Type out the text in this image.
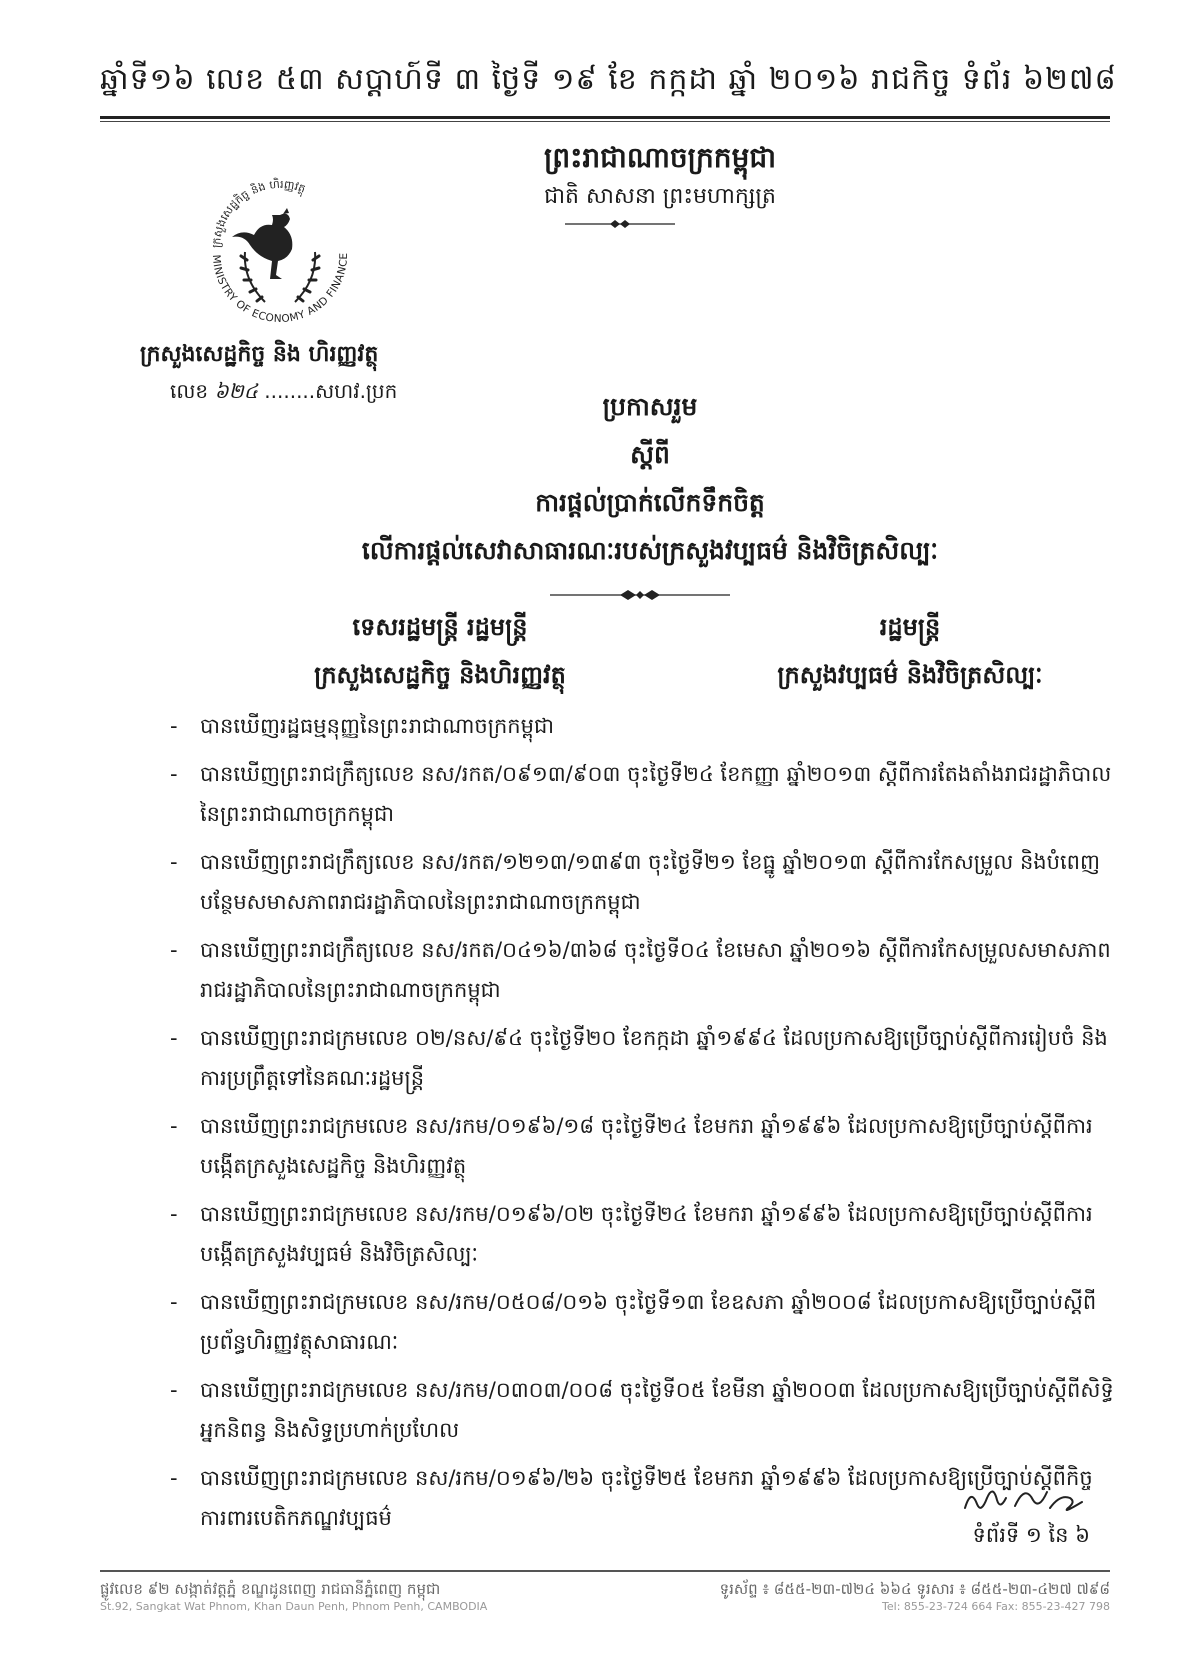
ឆ្នាំទី១៦ លេខ ៥៣ សប្តាហ៍ទី ៣ ថ្ងៃទី ១៩ ខែ កក្កដា ឆ្នាំ ២០១៦ រាជកិច្ច ទំព័រ ៦២៧៨
ព្រះរាជាណាចក្រកម្ពុជា
ជាតិ សាសនា ព្រះមហាក្សត្រ
MINISTRY OF ECONOMY AND FINANCE
ក្រសួងសេដ្ឋកិច្ច និង ហិរញ្ញវត្ថុ
ក្រសួងសេដ្ឋកិច្ច និង ហិរញ្ញវត្ថុ
លេខ ៦២៤ ........សហវ.ប្រក
ប្រកាសរួម
ស្តីពី
ការផ្តល់ប្រាក់លើកទឹកចិត្ត
លើការផ្តល់សេវាសាធារណៈរបស់ក្រសួងវប្បធម៌ និងវិចិត្រសិល្បៈ
ទេសរដ្ឋមន្ត្រី រដ្ឋមន្ត្រី
ក្រសួងសេដ្ឋកិច្ច និងហិរញ្ញវត្ថុ
រដ្ឋមន្ត្រី
ក្រសួងវប្បធម៌ និងវិចិត្រសិល្បៈ
- បានឃើញរដ្ឋធម្មនុញ្ញនៃព្រះរាជាណាចក្រកម្ពុជា
- បានឃើញព្រះរាជក្រឹត្យលេខ នស/រកត/០៩១៣/៩០៣ ចុះថ្ងៃទី២៤ ខែកញ្ញា ឆ្នាំ២០១៣ ស្តីពីការតែងតាំងរាជរដ្ឋាភិបាលនៃព្រះរាជាណាចក្រកម្ពុជា
- បានឃើញព្រះរាជក្រឹត្យលេខ នស/រកត/១២១៣/១៣៩៣ ចុះថ្ងៃទី២១ ខែធ្នូ ឆ្នាំ២០១៣ ស្តីពីការកែសម្រួល និងបំពេញបន្ថែមសមាសភាពរាជរដ្ឋាភិបាលនៃព្រះរាជាណាចក្រកម្ពុជា
- បានឃើញព្រះរាជក្រឹត្យលេខ នស/រកត/០៤១៦/៣៦៨ ចុះថ្ងៃទី០៤ ខែមេសា ឆ្នាំ២០១៦ ស្តីពីការកែសម្រួលសមាសភាពរាជរដ្ឋាភិបាលនៃព្រះរាជាណាចក្រកម្ពុជា
- បានឃើញព្រះរាជក្រមលេខ ០២/នស/៩៤ ចុះថ្ងៃទី២០ ខែកក្កដា ឆ្នាំ១៩៩៤ ដែលប្រកាសឱ្យប្រើច្បាប់ស្តីពីការរៀបចំ និងការប្រព្រឹត្តទៅនៃគណៈរដ្ឋមន្ត្រី
- បានឃើញព្រះរាជក្រមលេខ នស/រកម/០១៩៦/១៨ ចុះថ្ងៃទី២៤ ខែមករា ឆ្នាំ១៩៩៦ ដែលប្រកាសឱ្យប្រើច្បាប់ស្តីពីការបង្កើតក្រសួងសេដ្ឋកិច្ច និងហិរញ្ញវត្ថុ
- បានឃើញព្រះរាជក្រមលេខ នស/រកម/០១៩៦/០២ ចុះថ្ងៃទី២៤ ខែមករា ឆ្នាំ១៩៩៦ ដែលប្រកាសឱ្យប្រើច្បាប់ស្តីពីការបង្កើតក្រសួងវប្បធម៌ និងវិចិត្រសិល្បៈ
- បានឃើញព្រះរាជក្រមលេខ នស/រកម/០៥០៨/០១៦ ចុះថ្ងៃទី១៣ ខែឧសភា ឆ្នាំ២០០៨ ដែលប្រកាសឱ្យប្រើច្បាប់ស្តីពីប្រព័ន្ធហិរញ្ញវត្ថុសាធារណៈ
- បានឃើញព្រះរាជក្រមលេខ នស/រកម/០៣០៣/០០៨ ចុះថ្ងៃទី០៥ ខែមីនា ឆ្នាំ២០០៣ ដែលប្រកាសឱ្យប្រើច្បាប់ស្តីពីសិទ្ធិអ្នកនិពន្ធ និងសិទ្ធប្រហាក់ប្រហែល
- បានឃើញព្រះរាជក្រមលេខ នស/រកម/០១៩៦/២៦ ចុះថ្ងៃទី២៥ ខែមករា ឆ្នាំ១៩៩៦ ដែលប្រកាសឱ្យប្រើច្បាប់ស្តីពីកិច្ចការពារបេតិកភណ្ឌវប្បធម៌
ទំព័រទី ១ នៃ ៦
ផ្លូវលេខ ៩២ សង្កាត់វត្តភ្នំ ខណ្ឌដូនពេញ រាជធានីភ្នំពេញ កម្ពុជា
St.92, Sangkat Wat Phnom, Khan Daun Penh, Phnom Penh, CAMBODIA
ទូរស័ព្ទ ៖ ៨៥៥-២៣-៧២៤ ៦៦៤ ទូរសារ ៖ ៨៥៥-២៣-៤២៧ ៧៩៨
Tel: 855-23-724 664 Fax: 855-23-427 798
